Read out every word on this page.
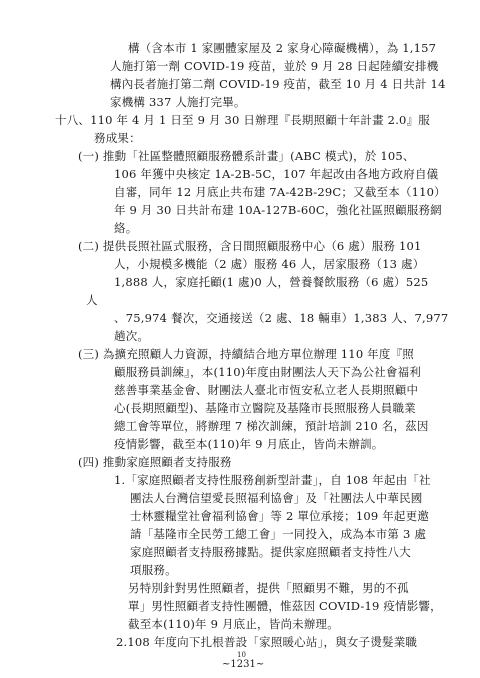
構（含本市 1 家團體家屋及 2 家身心障礙機構），為 1,157
人施打第一劑 COVID-19 疫苗，並於 9 月 28 日起陸續安排機
構內長者施打第二劑 COVID-19 疫苗，截至 10 月 4 日共計 14
家機構 337 人施打完畢。
十八、110 年 4 月 1 日至 9 月 30 日辦理『長期照顧十年計畫 2.0』服
務成果：
(一) 推動「社區整體照顧服務體系計畫」(ABC 模式)，於 105、
106 年獲中央核定 1A-2B-5C，107 年起改由各地方政府自儀
自審，同年 12 月底止共布建 7A-42B-29C；又截至本（110）
年 9 月 30 日共計布建 10A-127B-60C，強化社區照顧服務網
絡。
(二) 提供長照社區式服務，含日間照顧服務中心（6 處）服務 101
人，小規模多機能（2 處）服務 46 人，居家服務（13 處）
1,888 人，家庭托顧(1 處)0 人，營養餐飲服務（6 處）525
人
、75,974 餐次，交通接送（2 處、18 輛車）1,383 人、7,977
趟次。
(三) 為擴充照顧人力資源，持續結合地方單位辦理 110 年度『照
顧服務員訓練』，本(110)年度由財團法人天下為公社會福利
慈善事業基金會、財團法人臺北市恆安私立老人長期照顧中
心(長期照顧型)、基隆市立醫院及基隆市長照服務人員職業
總工會等單位，將辦理 7 梯次訓練，預計培訓 210 名，茲因
疫情影響，截至本(110)年 9 月底止，皆尚未辦訓。
(四) 推動家庭照顧者支持服務
1.「家庭照顧者支持性服務創新型計畫」，自 108 年起由「社
團法人台灣信望愛長照福利協會」及「社團法人中華民國
士林靈糧堂社會福利協會」等 2 單位承接；109 年起更邀
請「基隆市全民勞工總工會」一同投入，成為本市第 3 處
家庭照顧者支持服務據點。提供家庭照顧者支持性八大
項服務。
另特別針對男性照顧者，提供「照顧男不難，男的不孤
單」男性照顧者支持性團體，惟茲因 COVID-19 疫情影響，
截至本(110)年 9 月底止，皆尚未辦理。
2.108 年度向下扎根普設「家照暖心站」，與女子燙髮業職
10
~1231~
